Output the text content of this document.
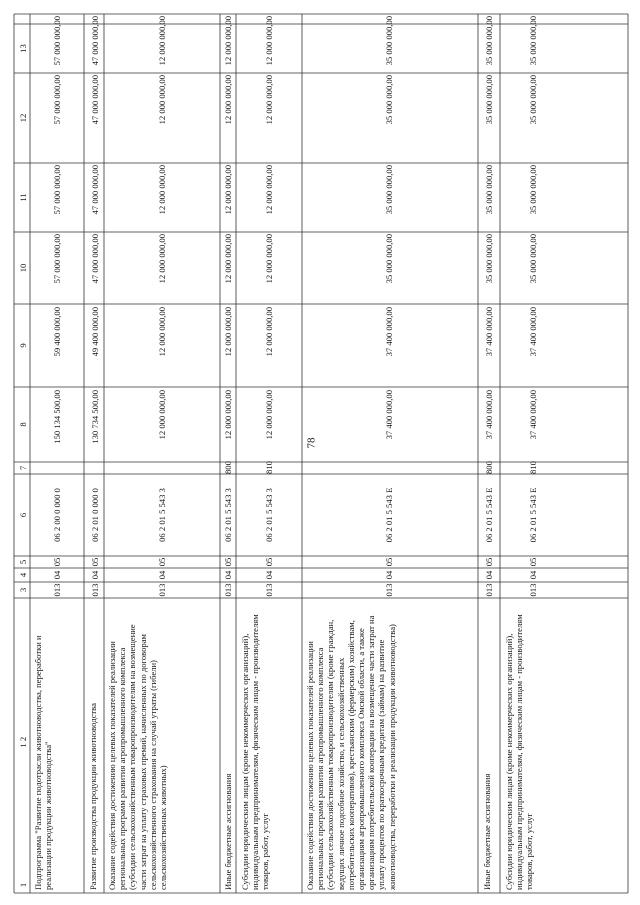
78
1
3
4
5
6
7
8
9
10
11
12
13
1
2 Подпрограмма "Развитие подотрасли животноводства, переработки и реализации продукции животноводства"
013
04
05
06 2 00 0 000 0
150 134 500,00
59 400 000,00
57 000 000,00
57 000 000,00
57 000 000,00
57 000 000,00
Развитие производства продукции животноводства
013
04
05
06 2 01 0 000 0
130 734 500,00
49 400 000,00
47 000 000,00
47 000 000,00
47 000 000,00
47 000 000,00
Оказание содействия достижению целевых показателей реализации региональных программ развития агропромышленного комплекса (субсидии сельскохозяйственным товаропроизводителям на возмещение части затрат на уплату страховых премий, начисленных по договорам сельскохозяйственного страхования на случай утраты (гибели) сельскохозяйственных животных)
013
04
05
06 2 01 5 543 3
12 000 000,00
12 000 000,00
12 000 000,00
12 000 000,00
12 000 000,00
12 000 000,00
Иные бюджетные ассигнования
013
04
05
06 2 01 5 543 3
800
12 000 000,00
12 000 000,00
12 000 000,00
12 000 000,00
12 000 000,00
12 000 000,00
Субсидии юридическим лицам (кроме некоммерческих организаций), индивидуальным предпринимателям, физическим лицам - производителям товаров, работ, услуг
013
04
05
06 2 01 5 543 3
810
12 000 000,00
12 000 000,00
12 000 000,00
12 000 000,00
12 000 000,00
12 000 000,00
Оказание содействия достижению целевых показателей реализации региональных программ развития агропромышленного комплекса (субсидии сельскохозяйственным товаропроизводителям (кроме граждан, ведущих личное подсобное хозяйство, и сельскохозяйственных потребительских кооперативов), крестьянским (фермерским) хозяйствам, организациям агропромышленного комплекса Омской области, а также организациям потребительской кооперации на возмещение части затрат на уплату процентов по краткосрочным кредитам (займам) на развитие животноводства, переработки и реализации продукции животноводства)
013
04
05
06 2 01 5 543 Е
37 400 000,00
37 400 000,00
35 000 000,00
35 000 000,00
35 000 000,00
35 000 000,00
Иные бюджетные ассигнования
013
04
05
06 2 01 5 543 Е
800
37 400 000,00
37 400 000,00
35 000 000,00
35 000 000,00
35 000 000,00
35 000 000,00
Субсидии юридическим лицам (кроме некоммерческих организаций), индивидуальным предпринимателям, физическим лицам - производителям товаров, работ, услуг
013
04
05
06 2 01 5 543 Е
810
37 400 000,00
37 400 000,00
35 000 000,00
35 000 000,00
35 000 000,00
35 000 000,00
